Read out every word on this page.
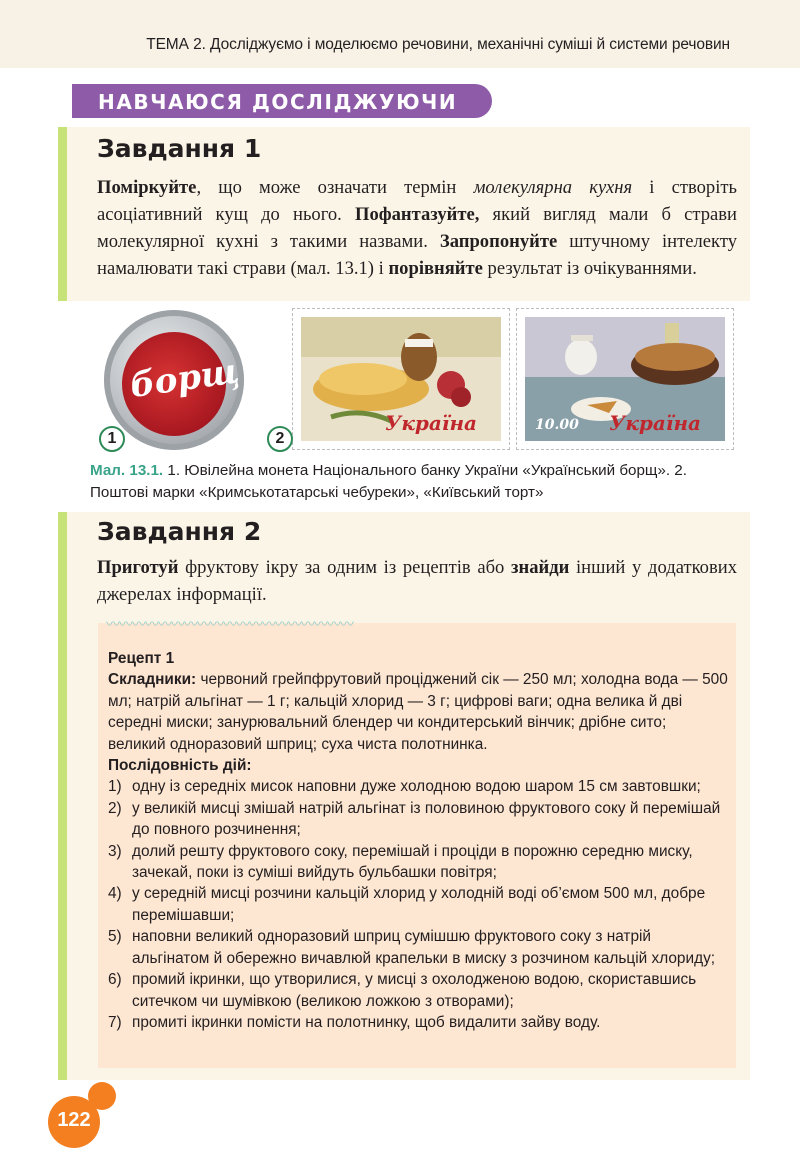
ТЕМА 2. Досліджуємо і моделюємо речовини, механічні суміші й системи речовин
НАВЧАЮСЯ ДОСЛІДЖУЮЧИ
Завдання 1
Поміркуйте, що може означати термін молекулярна кухня і створіть асоціативний кущ до нього. Пофантазуйте, який вигляд мали б страви молекулярної кухні з такими назвами. Запропонуйте штучному інтелекту намалювати такі страви (мал. 13.1) і порівняйте результат із очікуваннями.
борщ
1
Україна
2
10.00 Україна
Мал. 13.1. 1. Ювілейна монета Національного банку України «Український борщ». 2. Поштові марки «Кримськотатарські чебуреки», «Київський торт»
Завдання 2
Приготуй фруктову ікру за одним із рецептів або знайди інший у додаткових джерелах інформації.
〰〰〰〰〰〰〰〰〰〰〰〰〰〰〰〰〰〰〰
Рецепт 1
Складники: червоний грейпфрутовий проціджений сік — 250 мл; холодна вода — 500 мл; натрій альгінат — 1 г; кальцій хлорид — 3 г; цифрові ваги; одна велика й дві середні миски; занурювальний блендер чи кондитерський вінчик; дрібне сито; великий одноразовий шприц; суха чиста полотнинка.
Послідовність дій:
1) одну із середніх мисок наповни дуже холодною водою шаром 15 см завтовшки;
2) у великій мисці змішай натрій альгінат із половиною фруктового соку й перемішай до повного розчинення;
3) долий решту фруктового соку, перемішай і проціди в порожню середню миску, зачекай, поки із суміші вийдуть бульбашки повітря;
4) у середній мисці розчини кальцій хлорид у холодній воді об’ємом 500 мл, добре перемішавши;
5) наповни великий одноразовий шприц сумішшю фруктового соку з натрій альгінатом й обережно вичавлюй крапельки в миску з розчином кальцій хлориду;
6) промий ікринки, що утворилися, у мисці з охолодженою водою, скориставшись ситечком чи шумівкою (великою ложкою з отворами);
7) промиті ікринки помісти на полотнинку, щоб видалити зайву воду.
122
